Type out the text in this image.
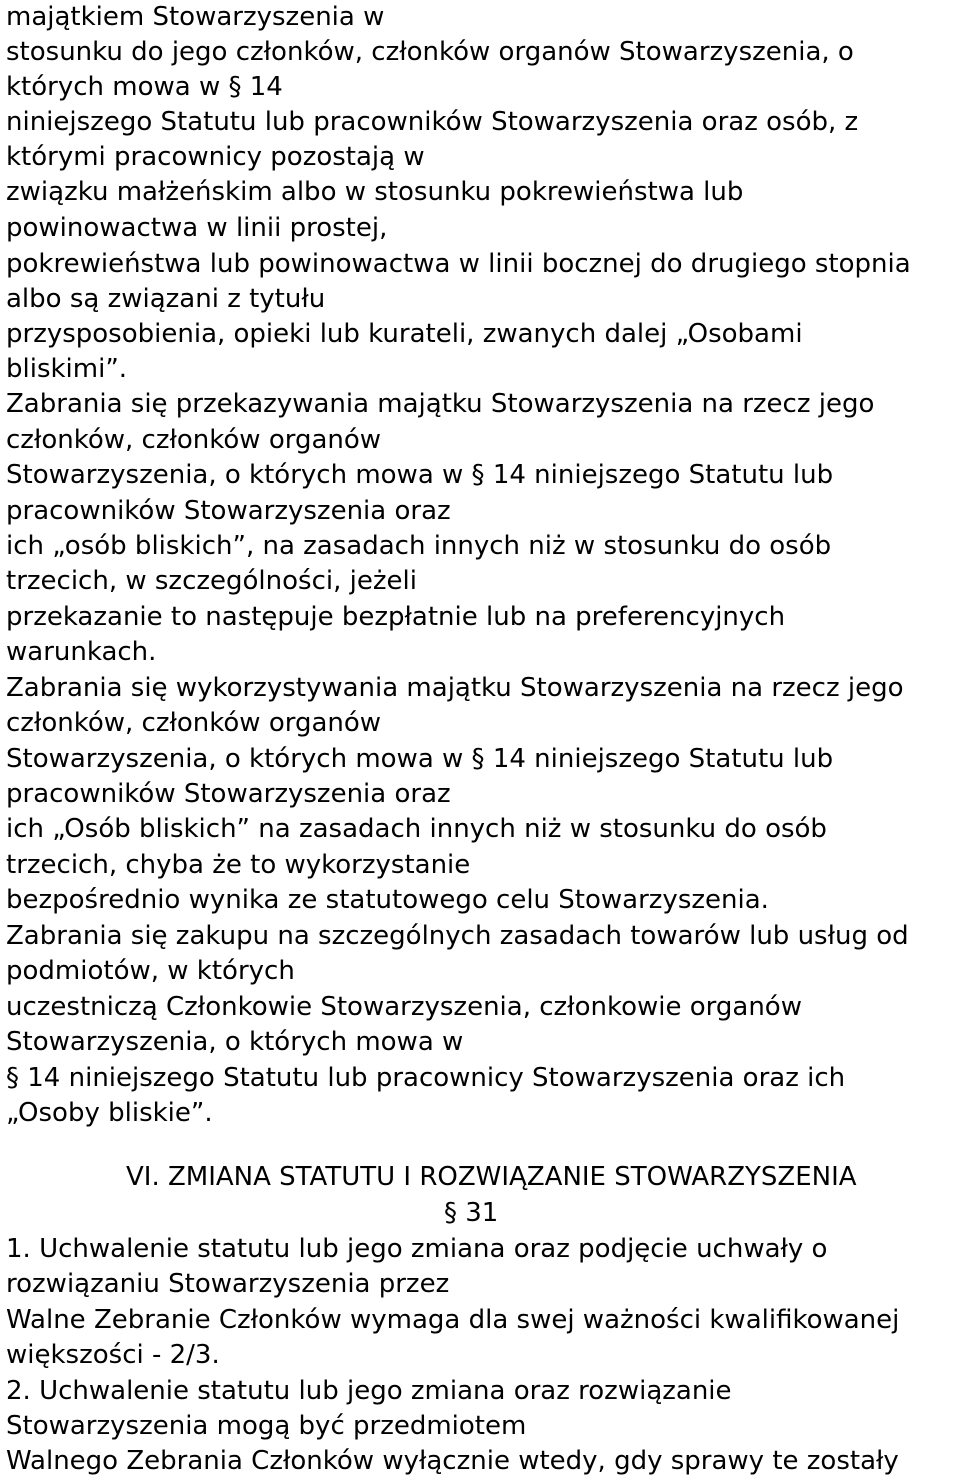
majątkiem Stowarzyszenia w
stosunku do jego członków, członków organów Stowarzyszenia, o
których mowa w § 14
niniejszego Statutu lub pracowników Stowarzyszenia oraz osób, z
którymi pracownicy pozostają w
związku małżeńskim albo w stosunku pokrewieństwa lub
powinowactwa w linii prostej,
pokrewieństwa lub powinowactwa w linii bocznej do drugiego stopnia
albo są związani z tytułu
przysposobienia, opieki lub kurateli, zwanych dalej „Osobami
bliskimi”.
Zabrania się przekazywania majątku Stowarzyszenia na rzecz jego
członków, członków organów
Stowarzyszenia, o których mowa w § 14 niniejszego Statutu lub
pracowników Stowarzyszenia oraz
ich „osób bliskich”, na zasadach innych niż w stosunku do osób
trzecich, w szczególności, jeżeli
przekazanie to następuje bezpłatnie lub na preferencyjnych
warunkach.
Zabrania się wykorzystywania majątku Stowarzyszenia na rzecz jego
członków, członków organów
Stowarzyszenia, o których mowa w § 14 niniejszego Statutu lub
pracowników Stowarzyszenia oraz
ich „Osób bliskich” na zasadach innych niż w stosunku do osób
trzecich, chyba że to wykorzystanie
bezpośrednio wynika ze statutowego celu Stowarzyszenia.
Zabrania się zakupu na szczególnych zasadach towarów lub usług od
podmiotów, w których
uczestniczą Członkowie Stowarzyszenia, członkowie organów
Stowarzyszenia, o których mowa w
§ 14 niniejszego Statutu lub pracownicy Stowarzyszenia oraz ich
„Osoby bliskie”.
VI. ZMIANA STATUTU I ROZWIĄZANIE STOWARZYSZENIA
§ 31
1. Uchwalenie statutu lub jego zmiana oraz podjęcie uchwały o
rozwiązaniu Stowarzyszenia przez
Walne Zebranie Członków wymaga dla swej ważności kwalifikowanej
większości - 2/3.
2. Uchwalenie statutu lub jego zmiana oraz rozwiązanie
Stowarzyszenia mogą być przedmiotem
Walnego Zebrania Członków wyłącznie wtedy, gdy sprawy te zostały
